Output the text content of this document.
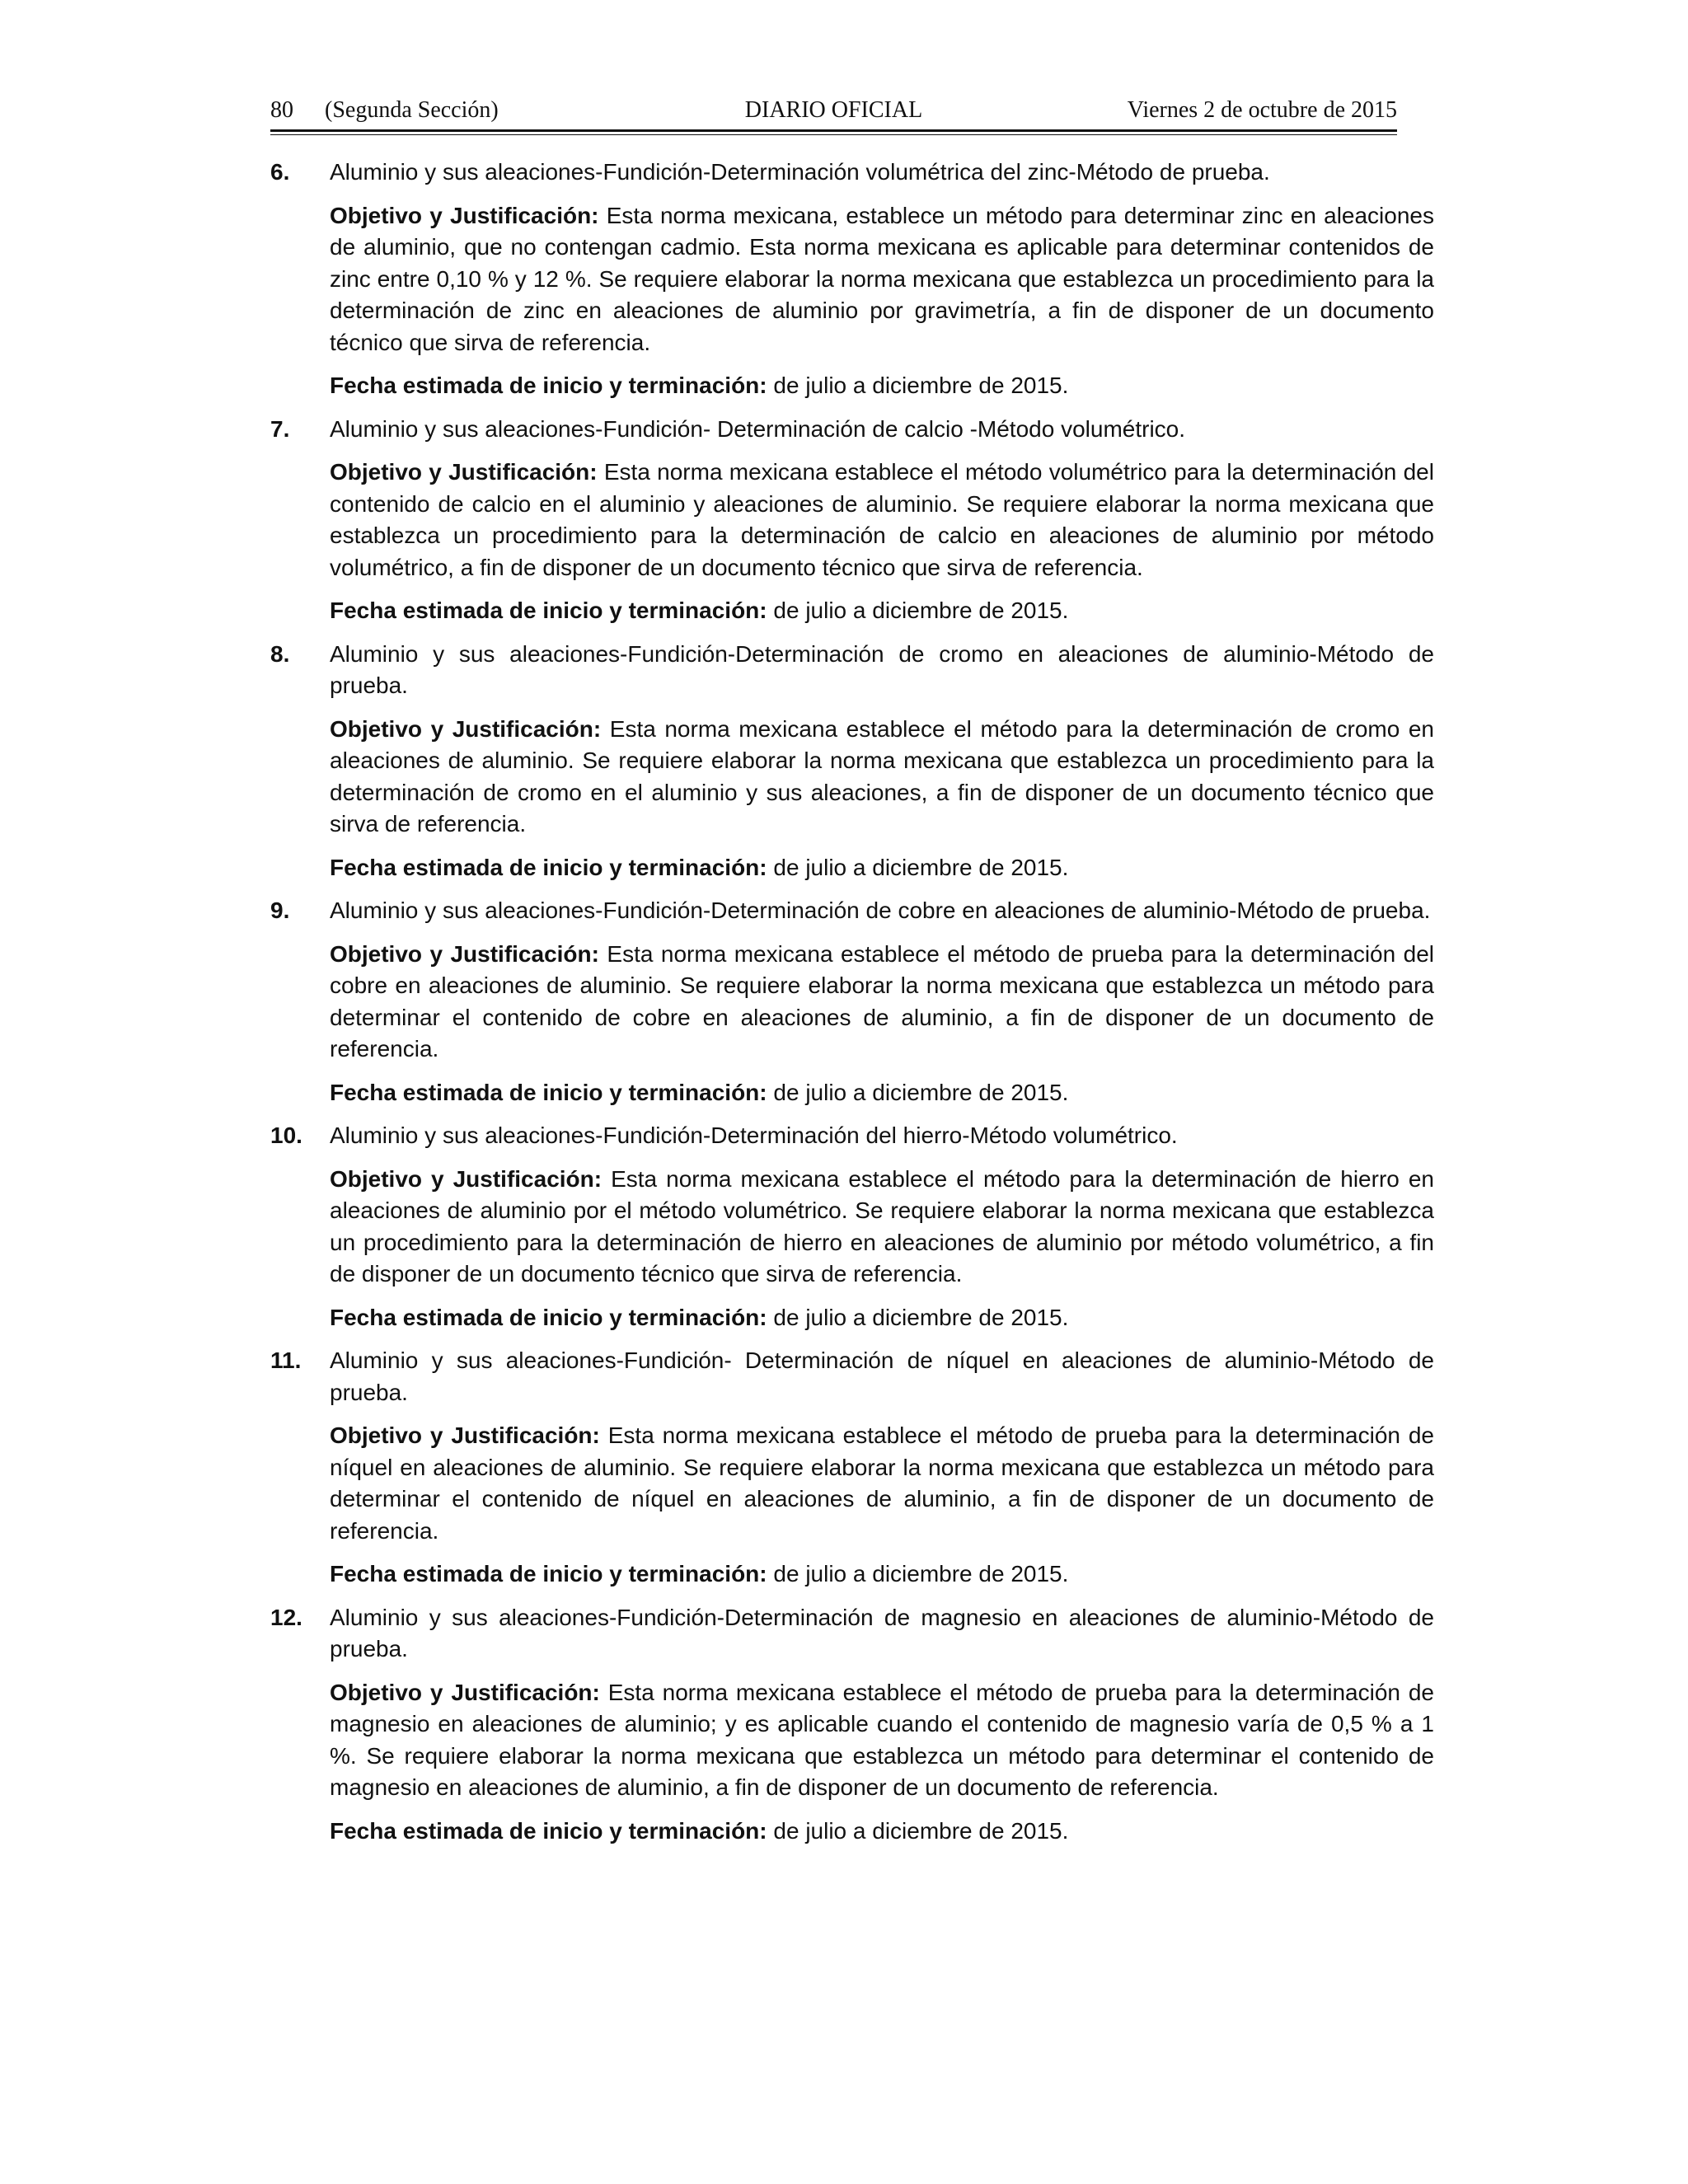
80 (Segunda Sección)	DIARIO OFICIAL	Viernes 2 de octubre de 2015
6.	Aluminio y sus aleaciones-Fundición-Determinación volumétrica del zinc-Método de prueba.

Objetivo y Justificación: Esta norma mexicana, establece un método para determinar zinc en aleaciones de aluminio, que no contengan cadmio. Esta norma mexicana es aplicable para determinar contenidos de zinc entre 0,10 % y 12 %. Se requiere elaborar la norma mexicana que establezca un procedimiento para la determinación de zinc en aleaciones de aluminio por gravimetría, a fin de disponer de un documento técnico que sirva de referencia.

Fecha estimada de inicio y terminación: de julio a diciembre de 2015.

7.	Aluminio y sus aleaciones-Fundición- Determinación de calcio -Método volumétrico.

Objetivo y Justificación: Esta norma mexicana establece el método volumétrico para la determinación del contenido de calcio en el aluminio y aleaciones de aluminio. Se requiere elaborar la norma mexicana que establezca un procedimiento para la determinación de calcio en aleaciones de aluminio por método volumétrico, a fin de disponer de un documento técnico que sirva de referencia.

Fecha estimada de inicio y terminación: de julio a diciembre de 2015.

8.	Aluminio y sus aleaciones-Fundición-Determinación de cromo en aleaciones de aluminio-Método de prueba.

Objetivo y Justificación: Esta norma mexicana establece el método para la determinación de cromo en aleaciones de aluminio. Se requiere elaborar la norma mexicana que establezca un procedimiento para la determinación de cromo en el aluminio y sus aleaciones, a fin de disponer de un documento técnico que sirva de referencia.

Fecha estimada de inicio y terminación: de julio a diciembre de 2015.

9.	Aluminio y sus aleaciones-Fundición-Determinación de cobre en aleaciones de aluminio-Método de prueba.

Objetivo y Justificación: Esta norma mexicana establece el método de prueba para la determinación del cobre en aleaciones de aluminio. Se requiere elaborar la norma mexicana que establezca un método para determinar el contenido de cobre en aleaciones de aluminio, a fin de disponer de un documento de referencia.

Fecha estimada de inicio y terminación: de julio a diciembre de 2015.

10.	Aluminio y sus aleaciones-Fundición-Determinación del hierro-Método volumétrico.

Objetivo y Justificación: Esta norma mexicana establece el método para la determinación de hierro en aleaciones de aluminio por el método volumétrico. Se requiere elaborar la norma mexicana que establezca un procedimiento para la determinación de hierro en aleaciones de aluminio por método volumétrico, a fin de disponer de un documento técnico que sirva de referencia.

Fecha estimada de inicio y terminación: de julio a diciembre de 2015.

11.	Aluminio y sus aleaciones-Fundición- Determinación de níquel en aleaciones de aluminio-Método de prueba.

Objetivo y Justificación: Esta norma mexicana establece el método de prueba para la determinación de níquel en aleaciones de aluminio. Se requiere elaborar la norma mexicana que establezca un método para determinar el contenido de níquel en aleaciones de aluminio, a fin de disponer de un documento de referencia.

Fecha estimada de inicio y terminación: de julio a diciembre de 2015.

12.	Aluminio y sus aleaciones-Fundición-Determinación de magnesio en aleaciones de aluminio-Método de prueba.

Objetivo y Justificación: Esta norma mexicana establece el método de prueba para la determinación de magnesio en aleaciones de aluminio; y es aplicable cuando el contenido de magnesio varía de 0,5 % a 1 %. Se requiere elaborar la norma mexicana que establezca un método para determinar el contenido de magnesio en aleaciones de aluminio, a fin de disponer de un documento de referencia.

Fecha estimada de inicio y terminación: de julio a diciembre de 2015.
